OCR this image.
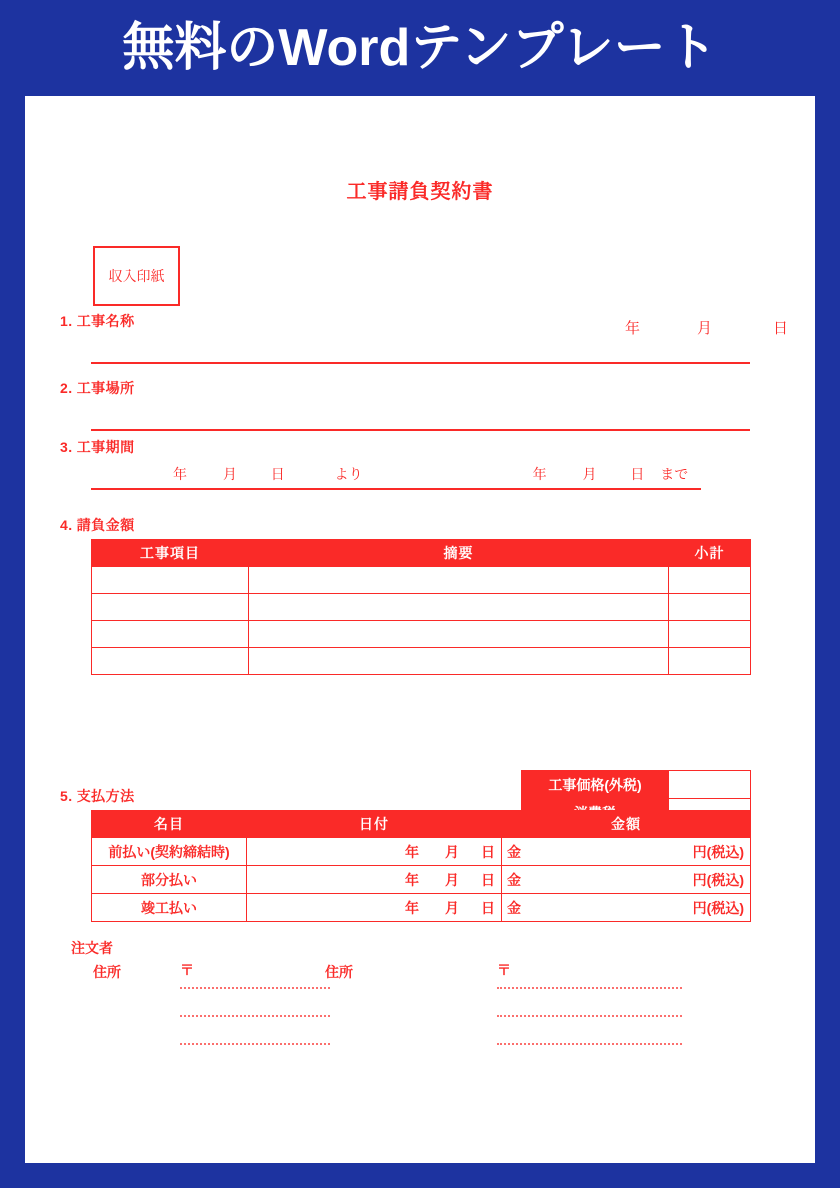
無料のWordテンプレート
工事請負契約書
年	月	日
収入印紙
1. 工事名称
2. 工事場所
3. 工事期間
年	月 日	より	年	月 日 まで
4. 請負金額
工事項目	摘要	小計

工事価格(外税)	

5. 支払方法
名目	日付	金額
前払い(契約締結時)	年 月 日	金 円(税込)

部分払い	年 月 日	金 円(税込)

竣工払い	年 月 日	金 円(税込)
注文者
住所	〒	住所	〒
